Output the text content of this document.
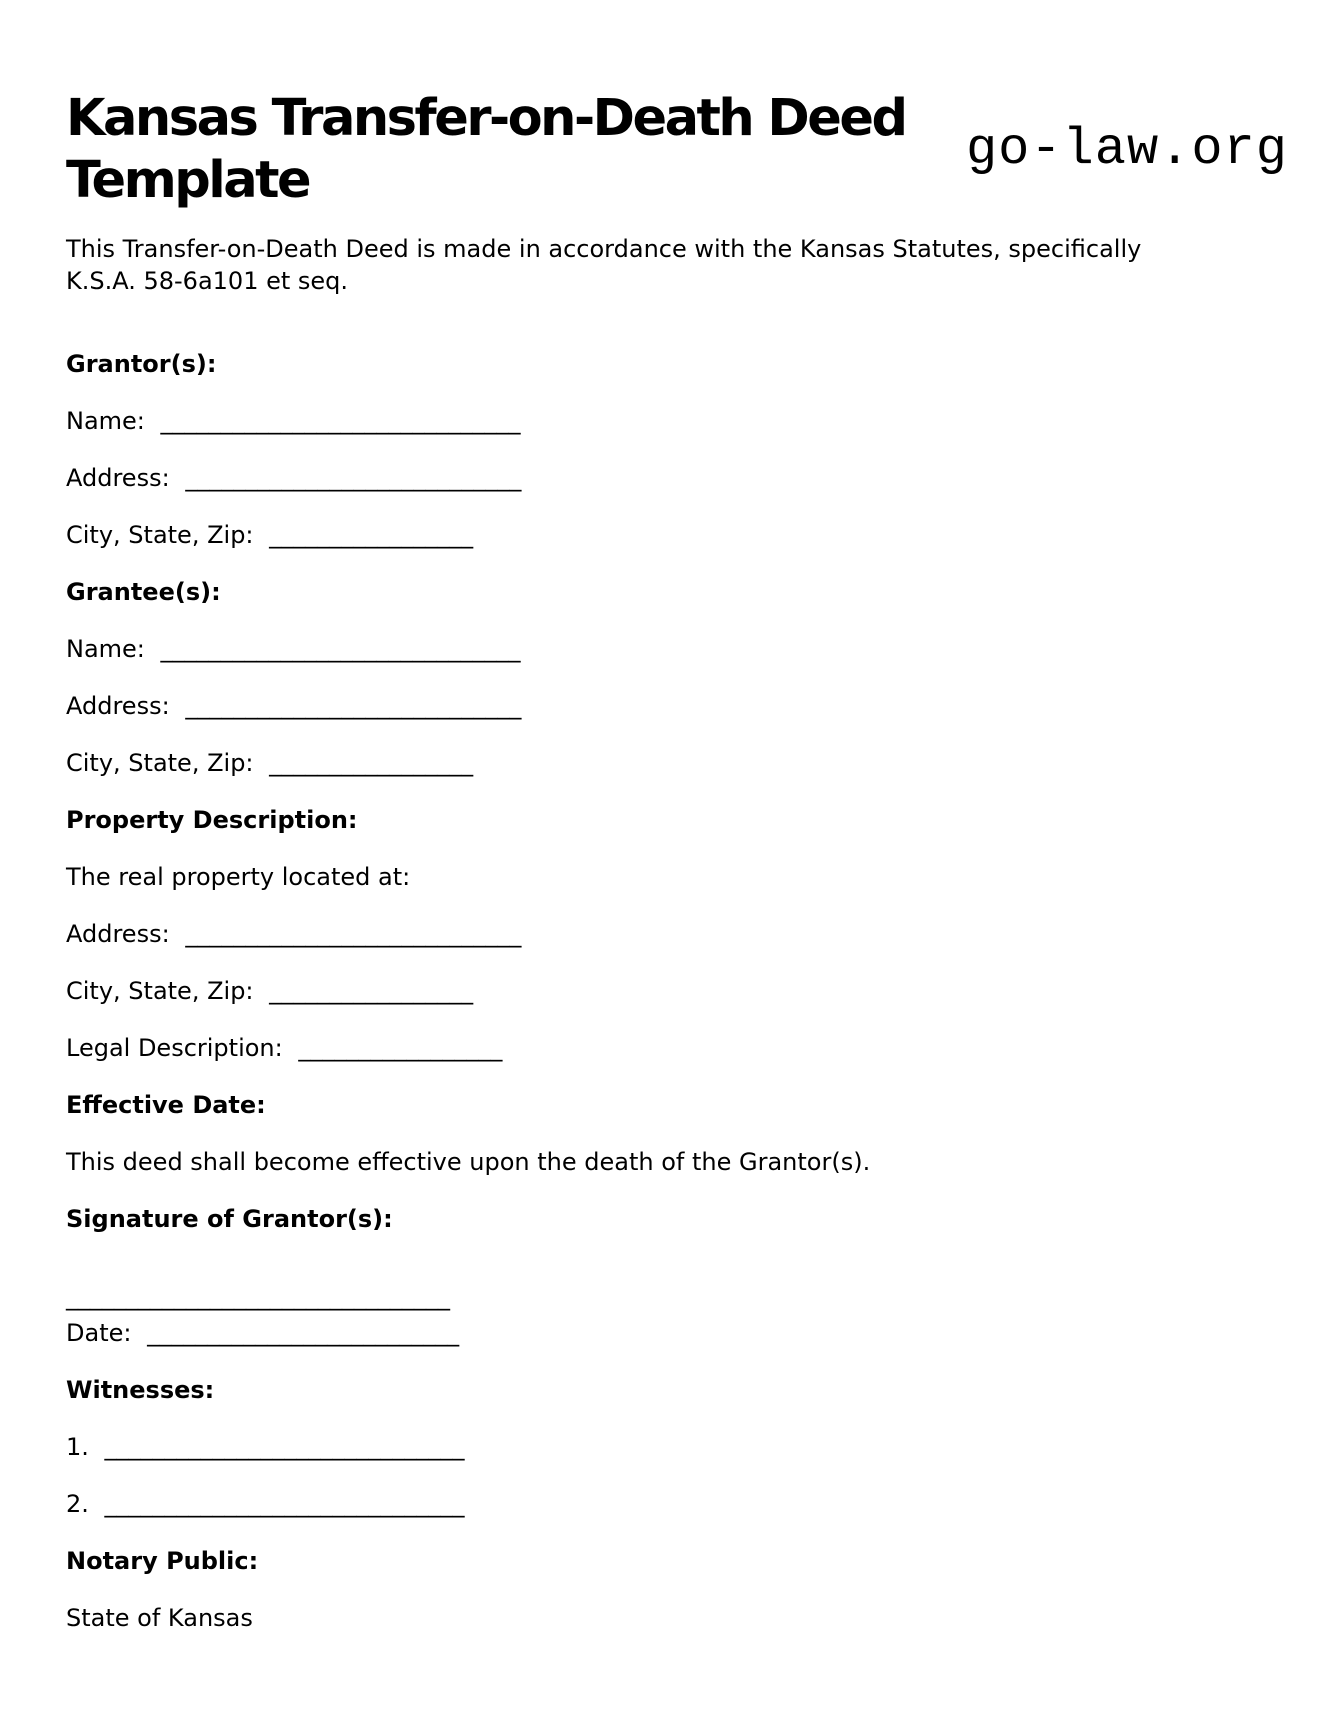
go-law.org
Kansas Transfer-on-Death Deed Template

This Transfer-on-Death Deed is made in accordance with the Kansas Statutes, specifically K.S.A. 58-6a101 et seq.

Grantor(s):

Name: ______________________________

Address: ____________________________

City, State, Zip: _________________

Grantee(s):

Name: ______________________________

Address: ____________________________

City, State, Zip: _________________

Property Description:

The real property located at:

Address: ____________________________

City, State, Zip: _________________

Legal Description: _________________

Effective Date:

This deed shall become effective upon the death of the Grantor(s).

Signature of Grantor(s):

________________________________

Date: __________________________

Witnesses:

1. ______________________________

2. ______________________________

Notary Public:

State of Kansas
